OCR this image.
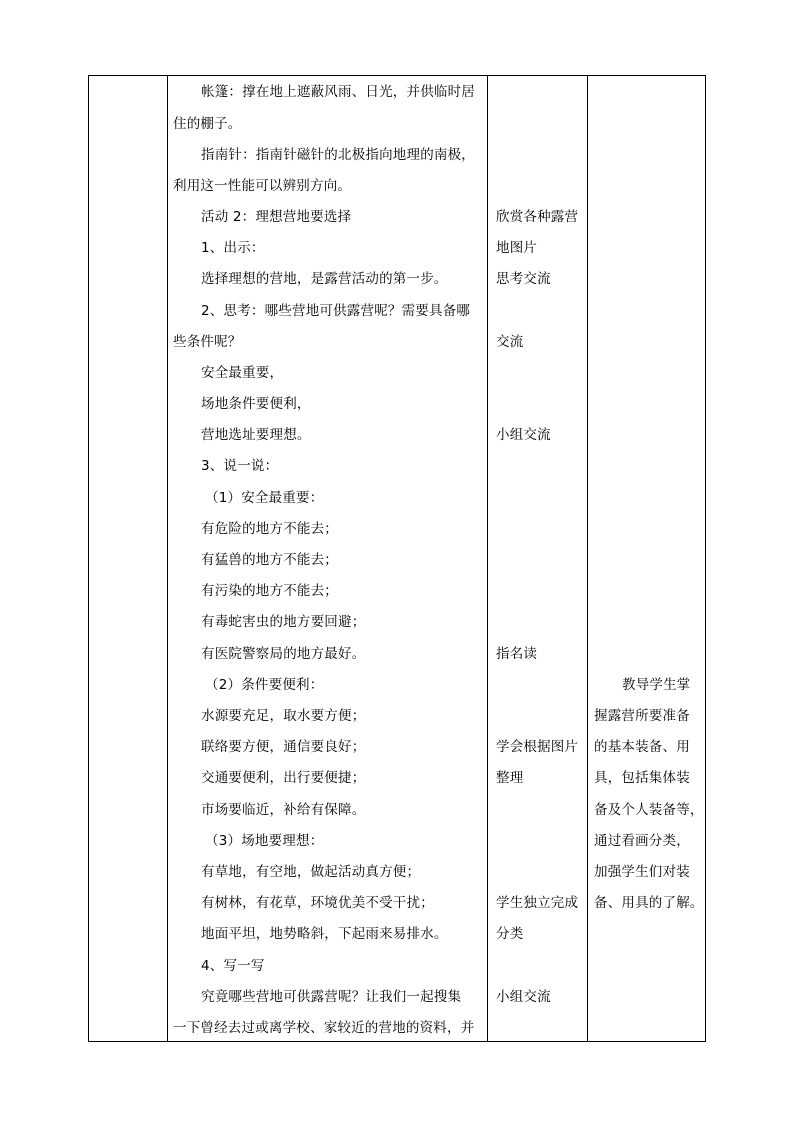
帐篷：撑在地上遮蔽风雨、日光，并供临时居
住的棚子。
指南针：指南针磁针的北极指向地理的南极，
利用这一性能可以辨别方向。
活动 2：理想营地要选择
1、出示：
选择理想的营地，是露营活动的第一步。
2、思考：哪些营地可供露营呢？需要具备哪
些条件呢？
安全最重要，
场地条件要便利，
营地选址要理想。
3、说一说：
（1）安全最重要：
有危险的地方不能去；
有猛兽的地方不能去；
有污染的地方不能去；
有毒蛇害虫的地方要回避；
有医院警察局的地方最好。
（2）条件要便利：
水源要充足，取水要方便；
联络要方便，通信要良好；
交通要便利，出行要便捷；
市场要临近，补给有保障。
（3）场地要理想：
有草地，有空地，做起活动真方便；
有树林，有花草，环境优美不受干扰；
地面平坦，地势略斜，下起雨来易排水。
4、写一写
究竟哪些营地可供露营呢？让我们一起搜集
一下曾经去过或离学校、家较近的营地的资料，并
欣赏各种露营
地图片
思考交流
交流
小组交流
指名读
学会根据图片
整理
学生独立完成
分类
小组交流
教导学生掌
握露营所要准备
的基本装备、用
具，包括集体装
备及个人装备等，
通过看画分类，
加强学生们对装
备、用具的了解。
